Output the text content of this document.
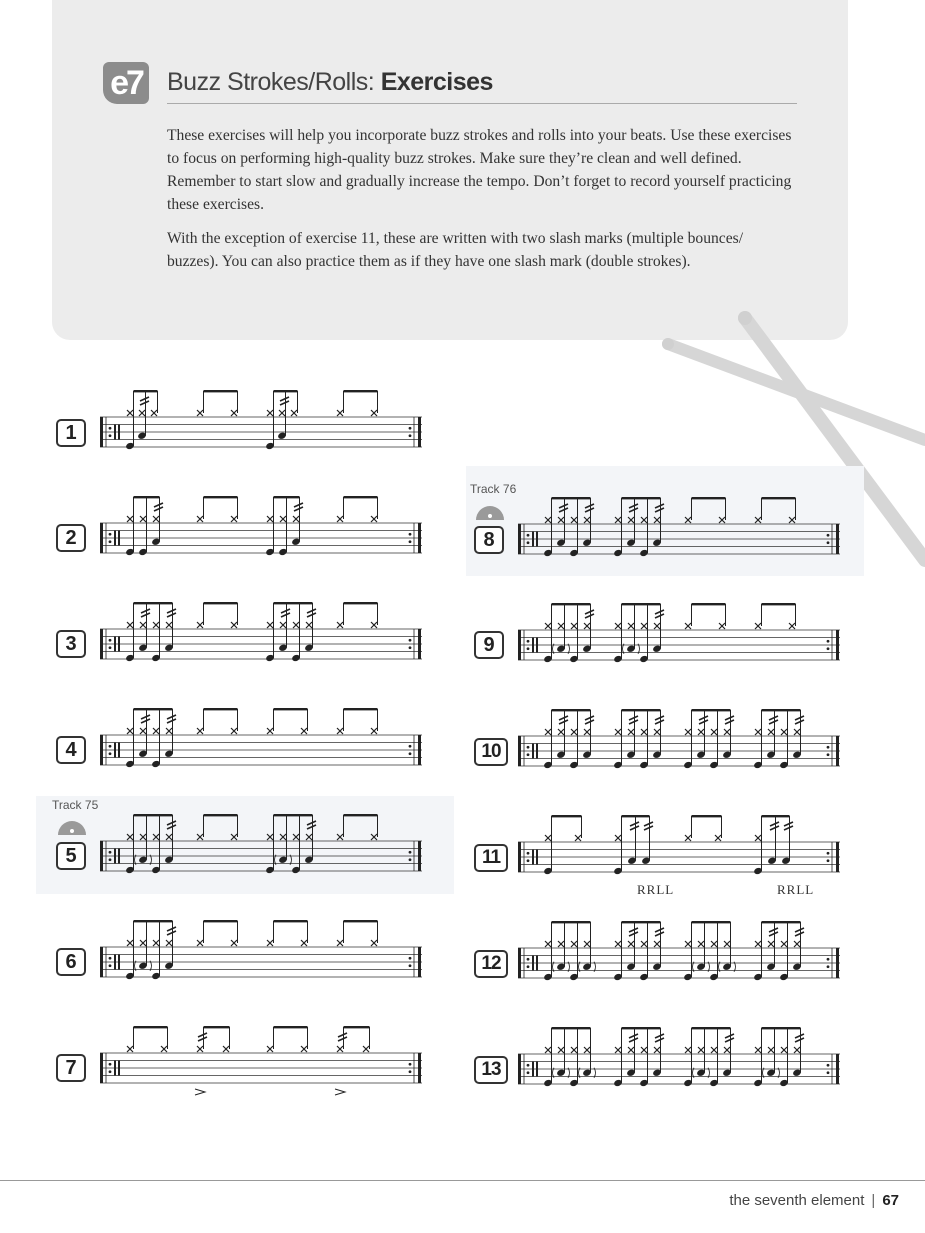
e7 Buzz Strokes/Rolls: Exercises

These exercises will help you incorporate buzz strokes and rolls into your beats. Use these exercises to focus on performing high-quality buzz strokes. Make sure they’re clean and well defined. Remember to start slow and gradually increase the tempo. Don’t forget to record yourself practicing these exercises.

With the exception of exercise 11, these are written with two slash marks (multiple bounces/ buzzes). You can also practice them as if they have one slash mark (double strokes).

Track 75
Track 76
1
2
3
4
5
6
7
8
9
10
11
12
13
RRLL	RRLL
the seventh element | 67
